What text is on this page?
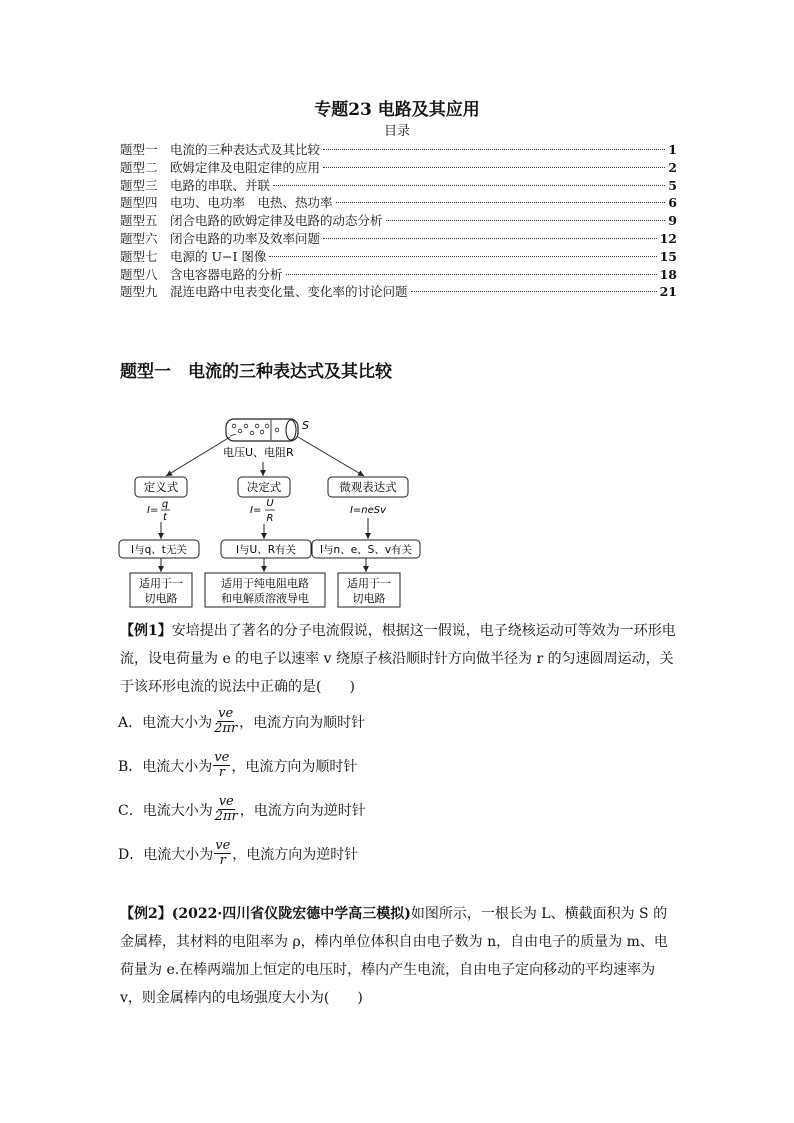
专题23 电路及其应用
目录
题型一　电流的三种表达式及其比较	1
题型二　欧姆定律及电阻定律的应用	2
题型三　电路的串联、并联	5
题型四　电功、电功率　电热、热功率	6
题型五　闭合电路的欧姆定律及电路的动态分析	9
题型六　闭合电路的功率及效率问题	12
题型七　电源的 U−I 图像	15
题型八　含电容器电路的分析	18
题型九　混连电路中电表变化量、变化率的讨论问题	21
题型一　电流的三种表达式及其比较
S
电压U、电阻R
定义式	决定式	微观表达式
I=
q
t
I=
U
R
I=neSv
I与q、t无关	I与U、R有关 I与n、e、S、v有关
适用于一
切电路
适用于纯电阻电路
和电解质溶液导电
适用于一
切电路
【例1】安培提出了著名的分子电流假说，根据这一假说，电子绕核运动可等效为一环形电流，设电荷量为 e 的电子以速率 v 绕原子核沿顺时针方向做半径为 r 的匀速圆周运动，关于该环形电流的说法中正确的是(　　)
A．电流大小为 $\frac{ve}{2\pi r}$ ，电流方向为顺时针
B．电流大小为 $\frac{ve}{r}$ ，电流方向为顺时针
C．电流大小为 $\frac{ve}{2\pi r}$ ，电流方向为逆时针
D．电流大小为 $\frac{ve}{r}$ ，电流方向为逆时针
【例2】(2022·四川省仪陇宏德中学高三模拟)如图所示，一根长为 L、横截面积为 S 的金属棒，其材料的电阻率为 ρ，棒内单位体积自由电子数为 n，自由电子的质量为 m、电荷量为 e.在棒两端加上恒定的电压时，棒内产生电流，自由电子定向移动的平均速率为 v，则金属棒内的电场强度大小为(　　)
